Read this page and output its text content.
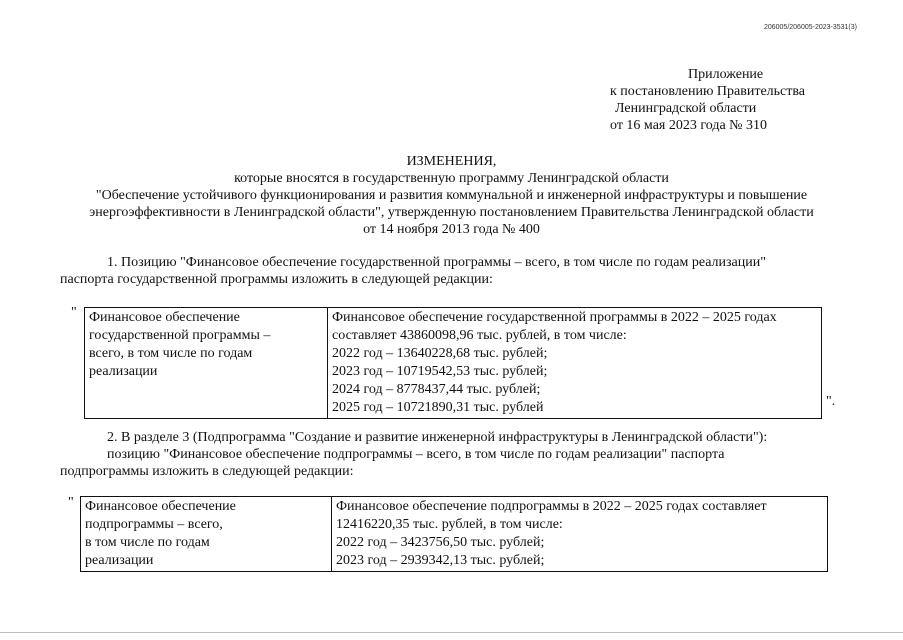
206005/206005-2023-3531(3)
Приложение
к постановлению Правительства
Ленинградской области
от 16 мая 2023 года № 310
ИЗМЕНЕНИЯ,
которые вносятся в государственную программу Ленинградской области
"Обеспечение устойчивого функционирования и развития коммунальной и инженерной инфраструктуры и повышение
энергоэффективности в Ленинградской области", утвержденную постановлением Правительства Ленинградской области
от 14 ноября 2013 года № 400
1. Позицию "Финансовое обеспечение государственной программы – всего, в том числе по годам реализации"
паспорта государственной программы изложить в следующей редакции:
" Финансовое обеспечение
государственной программы –
всего, в том числе по годам
реализации

Финансовое обеспечение государственной программы в 2022 – 2025 годах
составляет 43860098,96 тыс. рублей, в том числе:
2022 год – 13640228,68 тыс. рублей;
2023 год – 10719542,53 тыс. рублей;
2024 год – 8778437,44 тыс. рублей;
2025 год – 10721890,31 тыс. рублей	".
2. В разделе 3 (Подпрограмма "Создание и развитие инженерной инфраструктуры в Ленинградской области"):
позицию "Финансовое обеспечение подпрограммы – всего, в том числе по годам реализации" паспорта
подпрограммы изложить в следующей редакции:
" Финансовое обеспечение
подпрограммы – всего,
в том числе по годам
реализации

Финансовое обеспечение подпрограммы в 2022 – 2025 годах составляет
12416220,35 тыс. рублей, в том числе:
2022 год – 3423756,50 тыс. рублей;
2023 год – 2939342,13 тыс. рублей;
